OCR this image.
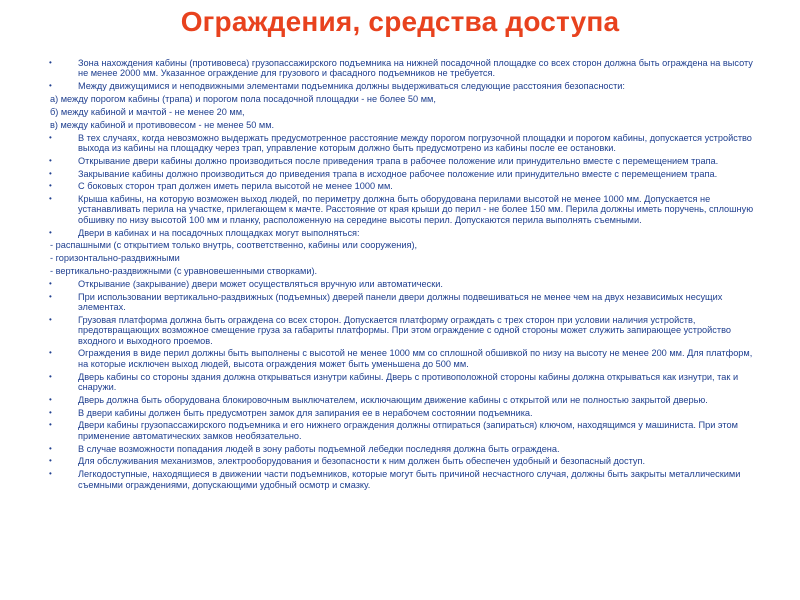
Ограждения, средства доступа
•	Зона нахождения кабины (противовеса) грузопассажирского подъемника на нижней посадочной площадке со всех сторон должна быть ограждена на высоту не менее 2000 мм. Указанное ограждение для грузового и фасадного подъемников не требуется.
•	Между движущимися и неподвижными элементами подъемника должны выдерживаться следующие расстояния безопасности:
а) между порогом кабины (трапа) и порогом пола посадочной площадки - не более 50 мм,
б) между кабиной и мачтой - не менее 20 мм,
в) между кабиной и противовесом - не менее 50 мм.
•	В тех случаях, когда невозможно выдержать предусмотренное расстояние между порогом погрузочной площадки и порогом кабины, допускается устройство выхода из кабины на площадку через трап, управление которым должно быть предусмотрено из кабины после ее остановки.
•	Открывание двери кабины должно производиться после приведения трапа в рабочее положение или принудительно вместе с перемещением трапа.
•	Закрывание кабины должно производиться до приведения трапа в исходное рабочее положение или принудительно вместе с перемещением трапа.
•	С боковых сторон трап должен иметь перила высотой не менее 1000 мм.
•	Крыша кабины, на которую возможен выход людей, по периметру должна быть оборудована перилами высотой не менее 1000 мм. Допускается не устанавливать перила на участке, прилегающем к мачте. Расстояние от края крыши до перил - не более 150 мм. Перила должны иметь поручень, сплошную обшивку по низу высотой 100 мм и планку, расположенную на середине высоты перил. Допускаются перила выполнять съемными.
•	Двери в кабинах и на посадочных площадках могут выполняться:
- распашными (с открытием только внутрь, соответственно, кабины или сооружения),
- горизонтально-раздвижными
- вертикально-раздвижными (с уравновешенными створками).
•	Открывание (закрывание) двери может осуществляться вручную или автоматически.
•	При использовании вертикально-раздвижных (подъемных) дверей панели двери должны подвешиваться не менее чем на двух независимых несущих элементах.
•	Грузовая платформа должна быть ограждена со всех сторон. Допускается платформу ограждать с трех сторон при условии наличия устройств, предотвращающих возможное смещение груза за габариты платформы. При этом ограждение с одной стороны может служить запирающее устройство входного и выходного проемов.
•	Ограждения в виде перил должны быть выполнены с высотой не менее 1000 мм со сплошной обшивкой по низу на высоту не менее 200 мм. Для платформ, на которые исключен выход людей, высота ограждения может быть уменьшена до 500 мм.
•	Дверь кабины со стороны здания должна открываться изнутри кабины. Дверь с противоположной стороны кабины должна открываться как изнутри, так и снаружи.
•	Дверь должна быть оборудована блокировочным выключателем, исключающим движение кабины с открытой или не полностью закрытой дверью.
•	В двери кабины должен быть предусмотрен замок для запирания ее в нерабочем состоянии подъемника.
•	Двери кабины грузопассажирского подъемника и его нижнего ограждения должны отпираться (запираться) ключом, находящимся у машиниста. При этом применение автоматических замков необязательно.
•	В случае возможности попадания людей в зону работы подъемной лебедки последняя должна быть ограждена.
•	Для обслуживания механизмов, электрооборудования и безопасности к ним должен быть обеспечен удобный и безопасный доступ.
•	Легкодоступные, находящиеся в движении части подъемников, которые могут быть причиной несчастного случая, должны быть закрыты металлическими съемными ограждениями, допускающими удобный осмотр и смазку.
